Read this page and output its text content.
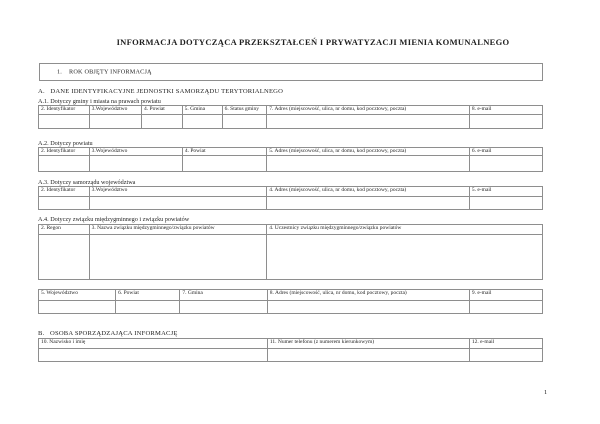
INFORMACJA DOTYCZĄCA PRZEKSZTAŁCEŃ I PRYWATYZACJI MIENIA KOMUNALNEGO
1.    ROK OBJĘTY INFORMACJĄ
A.   DANE IDENTYFIKACYJNE JEDNOSTKI SAMORZĄDU TERYTORIALNEGO
A.1. Dotyczy gminy i miasta na prawach powiatu
2. Identyfikator	3.Województwo	4. Powiat	5. Gmina	6. Status gminy	7. Adres (miejscowość, ulica, nr domu, kod pocztowy, poczta)	8. e-mail

A.2. Dotyczy powiatu
2. Identyfikator	3.Województwo	4. Powiat	5. Adres (miejscowość, ulica, nr domu, kod pocztowy, poczta)	6. e-mail

A.3. Dotyczy samorządu województwa
2. Identyfikator	3.Województwo	4. Adres (miejscowość, ulica, nr domu, kod pocztowy, poczta)	5. e-mail

A.4. Dotyczy związku międzygminnego i związku powiatów
2. Regon	3. Nazwa związku międzygminnego/związku powiatów	4. Uczestnicy związku międzygminnego/związku powiatów

5. Województwo	6. Powiat	7. Gmina	8. Adres (miejscowość, ulica, nr domu, kod pocztowy, poczta)	9. e-mail

B.   OSOBA SPORZĄDZAJĄCA INFORMACJĘ
10. Nazwisko i imię	11. Numer telefonu (z numerem kierunkowym)	12. e-mail

1
